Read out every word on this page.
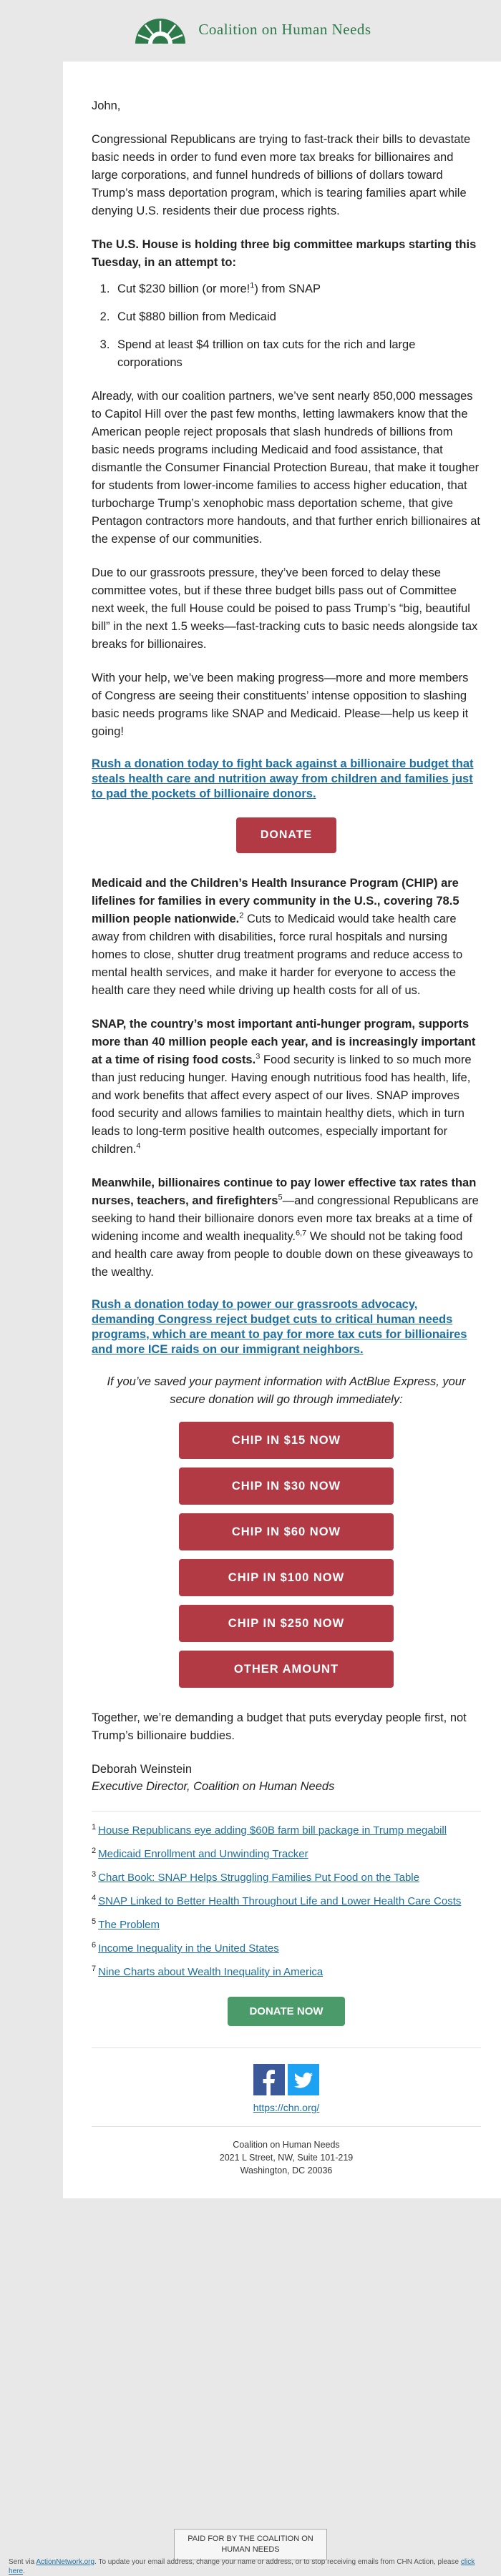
Coalition on Human Needs

John,

Congressional Republicans are trying to fast-track their bills to devastate basic needs in order to fund even more tax breaks for billionaires and large corporations, and funnel hundreds of billions of dollars toward Trump’s mass deportation program, which is tearing families apart while denying U.S. residents their due process rights.

The U.S. House is holding three big committee markups starting this Tuesday, in an attempt to:

1. Cut $230 billion (or more!$^1$) from SNAP
2. Cut $880 billion from Medicaid
3. Spend at least $4 trillion on tax cuts for the rich and large corporations

Already, with our coalition partners, we’ve sent nearly 850,000 messages to Capitol Hill over the past few months, letting lawmakers know that the American people reject proposals that slash hundreds of billions from basic needs programs including Medicaid and food assistance, that dismantle the Consumer Financial Protection Bureau, that make it tougher for students from lower-income families to access higher education, that turbocharge Trump’s xenophobic mass deportation scheme, that give Pentagon contractors more handouts, and that further enrich billionaires at the expense of our communities.

Due to our grassroots pressure, they’ve been forced to delay these committee votes, but if these three budget bills pass out of Committee next week, the full House could be poised to pass Trump’s “big, beautiful bill” in the next 1.5 weeks—fast-tracking cuts to basic needs alongside tax breaks for billionaires.

With your help, we’ve been making progress—more and more members of Congress are seeing their constituents’ intense opposition to slashing basic needs programs like SNAP and Medicaid. Please—help us keep it going!

Rush a donation today to fight back against a billionaire budget that steals health care and nutrition away from children and families just to pad the pockets of billionaire donors.
DONATE

Medicaid and the Children’s Health Insurance Program (CHIP) are lifelines for families in every community in the U.S., covering 78.5 million people nationwide.$^2$ Cuts to Medicaid would take health care away from children with disabilities, force rural hospitals and nursing homes to close, shutter drug treatment programs and reduce access to mental health services, and make it harder for everyone to access the health care they need while driving up health costs for all of us.

SNAP, the country’s most important anti-hunger program, supports more than 40 million people each year, and is increasingly important at a time of rising food costs.$^3$ Food security is linked to so much more than just reducing hunger. Having enough nutritious food has health, life, and work benefits that affect every aspect of our lives. SNAP improves food security and allows families to maintain healthy diets, which in turn leads to long-term positive health outcomes, especially important for children.$^4$

Meanwhile, billionaires continue to pay lower effective tax rates than nurses, teachers, and firefighters$^5$—and congressional Republicans are seeking to hand their billionaire donors even more tax breaks at a time of widening income and wealth inequality.$^{6,7}$ We should not be taking food and health care away from people to double down on these giveaways to the wealthy.

Rush a donation today to power our grassroots advocacy, demanding Congress reject budget cuts to critical human needs programs, which are meant to pay for more tax cuts for billionaires and more ICE raids on our immigrant neighbors.

If you’ve saved your payment information with ActBlue Express, your secure donation will go through immediately:

CHIP IN $15 NOW
CHIP IN $30 NOW
CHIP IN $60 NOW
CHIP IN $100 NOW
CHIP IN $250 NOW
OTHER AMOUNT

Together, we’re demanding a budget that puts everyday people first, not Trump’s billionaire buddies.

Deborah Weinstein

Executive Director, Coalition on Human Needs

$^1$ House Republicans eye adding $60B farm bill package in Trump megabill
$^2$ Medicaid Enrollment and Unwinding Tracker
$^3$ Chart Book: SNAP Helps Struggling Families Put Food on the Table
$^4$ SNAP Linked to Better Health Throughout Life and Lower Health Care Costs
$^5$ The Problem
$^6$ Income Inequality in the United States
$^7$ Nine Charts about Wealth Inequality in America
DONATE NOW
https://chn.org/
Coalition on Human Needs
2021 L Street, NW, Suite 101-219
Washington, DC 20036
PAID FOR BY THE COALITION ON HUMAN NEEDS
Sent via ActionNetwork.org. To update your email address, change your name or address, or to stop receiving emails from CHN Action, please click here.
